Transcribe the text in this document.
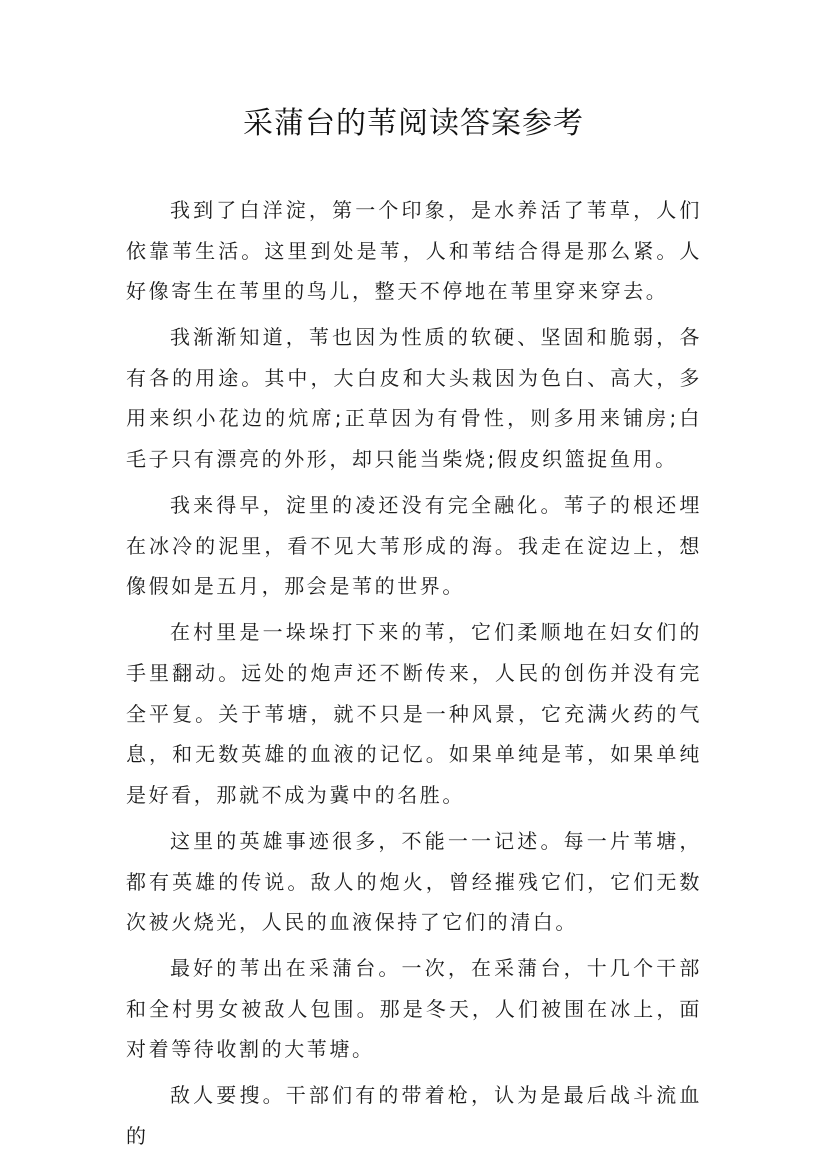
采蒲台的苇阅读答案参考

我到了白洋淀，第一个印象，是水养活了苇草，人们依靠苇生活。这里到处是苇，人和苇结合得是那么紧。人好像寄生在苇里的鸟儿，整天不停地在苇里穿来穿去。

我渐渐知道，苇也因为性质的软硬、坚固和脆弱，各有各的用途。其中，大白皮和大头栽因为色白、高大，多用来织小花边的炕席;正草因为有骨性，则多用来铺房;白毛子只有漂亮的外形，却只能当柴烧;假皮织篮捉鱼用。

我来得早，淀里的凌还没有完全融化。苇子的根还埋在冰冷的泥里，看不见大苇形成的海。我走在淀边上，想像假如是五月，那会是苇的世界。

在村里是一垛垛打下来的苇，它们柔顺地在妇女们的手里翻动。远处的炮声还不断传来，人民的创伤并没有完全平复。关于苇塘，就不只是一种风景，它充满火药的气息，和无数英雄的血液的记忆。如果单纯是苇，如果单纯是好看，那就不成为冀中的名胜。

这里的英雄事迹很多，不能一一记述。每一片苇塘，都有英雄的传说。敌人的炮火，曾经摧残它们，它们无数次被火烧光，人民的血液保持了它们的清白。

最好的苇出在采蒲台。一次，在采蒲台，十几个干部和全村男女被敌人包围。那是冬天，人们被围在冰上，面对着等待收割的大苇塘。

敌人要搜。干部们有的带着枪，认为是最后战斗流血的
